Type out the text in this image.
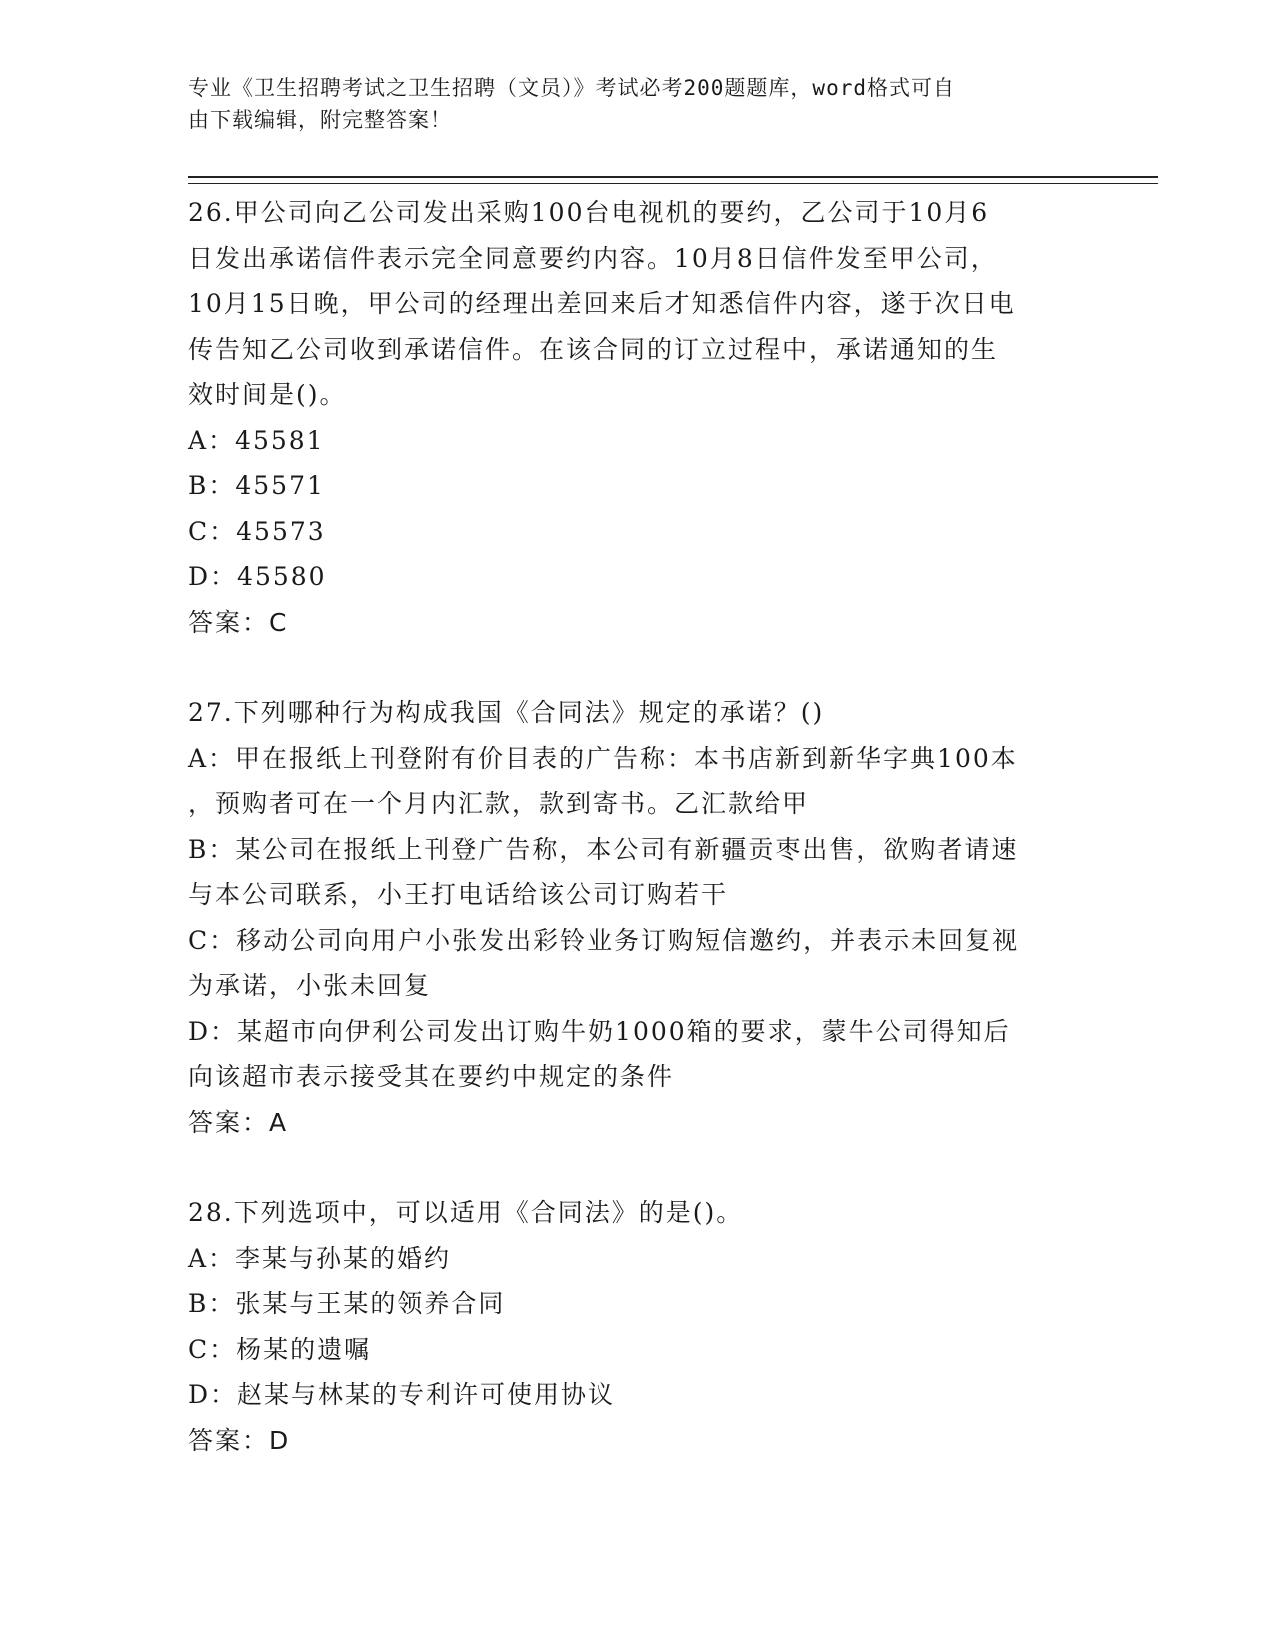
专业《卫生招聘考试之卫生招聘（文员）》考试必考200题题库，word格式可自
由下载编辑，附完整答案！

26.甲公司向乙公司发出采购100台电视机的要约，乙公司于10月6

日发出承诺信件表示完全同意要约内容。10月8日信件发至甲公司，

10月15日晚，甲公司的经理出差回来后才知悉信件内容，遂于次日电

传告知乙公司收到承诺信件。在该合同的订立过程中，承诺通知的生

效时间是()。

A：45581

B：45571

C：45573

D：45580

答案：C

27.下列哪种行为构成我国《合同法》规定的承诺？()

A：甲在报纸上刊登附有价目表的广告称：本书店新到新华字典100本

，预购者可在一个月内汇款，款到寄书。乙汇款给甲

B：某公司在报纸上刊登广告称，本公司有新疆贡枣出售，欲购者请速

与本公司联系，小王打电话给该公司订购若干

C：移动公司向用户小张发出彩铃业务订购短信邀约，并表示未回复视

为承诺，小张未回复

D：某超市向伊利公司发出订购牛奶1000箱的要求，蒙牛公司得知后

向该超市表示接受其在要约中规定的条件

答案：A

28.下列选项中，可以适用《合同法》的是()。

A：李某与孙某的婚约

B：张某与王某的领养合同

C：杨某的遗嘱

D：赵某与林某的专利许可使用协议

答案：D
